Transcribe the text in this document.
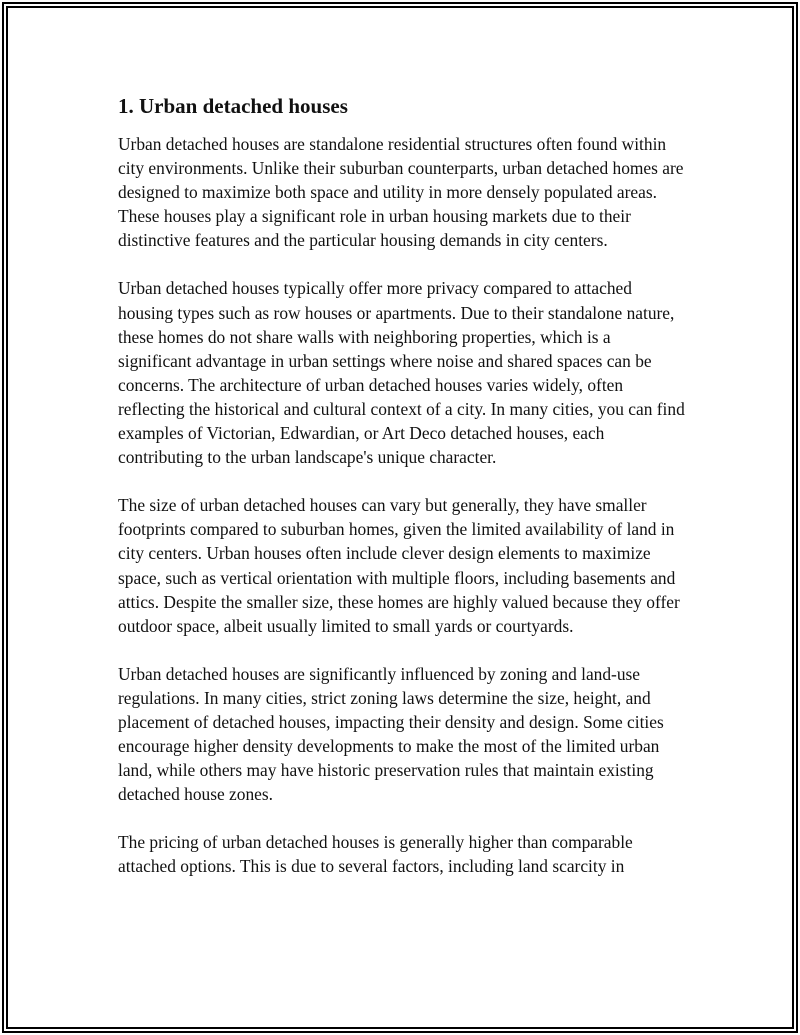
1. Urban detached houses

Urban detached houses are standalone residential structures often found within city environments. Unlike their suburban counterparts, urban detached homes are designed to maximize both space and utility in more densely populated areas. These houses play a significant role in urban housing markets due to their distinctive features and the particular housing demands in city centers.

Urban detached houses typically offer more privacy compared to attached housing types such as row houses or apartments. Due to their standalone nature, these homes do not share walls with neighboring properties, which is a significant advantage in urban settings where noise and shared spaces can be concerns. The architecture of urban detached houses varies widely, often reflecting the historical and cultural context of a city. In many cities, you can find examples of Victorian, Edwardian, or Art Deco detached houses, each contributing to the urban landscape's unique character.

The size of urban detached houses can vary but generally, they have smaller footprints compared to suburban homes, given the limited availability of land in city centers. Urban houses often include clever design elements to maximize space, such as vertical orientation with multiple floors, including basements and attics. Despite the smaller size, these homes are highly valued because they offer outdoor space, albeit usually limited to small yards or courtyards.

Urban detached houses are significantly influenced by zoning and land-use regulations. In many cities, strict zoning laws determine the size, height, and placement of detached houses, impacting their density and design. Some cities encourage higher density developments to make the most of the limited urban land, while others may have historic preservation rules that maintain existing detached house zones.

The pricing of urban detached houses is generally higher than comparable attached options. This is due to several factors, including land scarcity in
